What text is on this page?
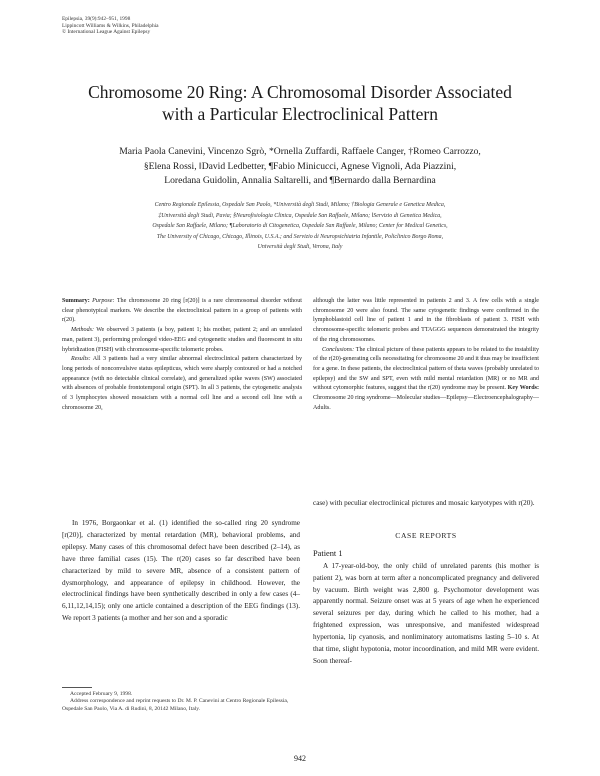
Epilepsia, 39(9):942–951, 1998
Lippincott Williams & Wilkins, Philadelphia
© International League Against Epilepsy
Chromosome 20 Ring: A Chromosomal Disorder Associated
with a Particular Electroclinical Pattern
Maria Paola Canevini, Vincenzo Sgrò, *Ornella Zuffardi, Raffaele Canger, †Romeo Carrozzo,
§Elena Rossi, ‖David Ledbetter, ¶Fabio Minicucci, Agnese Vignoli, Ada Piazzini,
Loredana Guidolin, Annalia Saltarelli, and ¶Bernardo dalla Bernardina
Centro Regionale Epilessia, Ospedale San Paolo, *Università degli Studi, Milano; †Biologia Generale e Genetica Medica,
‡Università degli Studi, Pavia; §Neurofisiologia Clinica, Ospedale San Raffaele, Milano; ‖Servizio di Genetica Medica,
Ospedale San Raffaele, Milano; ¶Laboratorio di Citogenetica, Ospedale San Raffaele, Milano; Center for Medical Genetics,
The University of Chicago, Chicago, Illinois, U.S.A.; and Servizio di Neuropsichiatria Infantile, Policlinico Borgo Roma,
Università degli Studi, Verona, Italy

Summary: Purpose: The chromosome 20 ring [r(20)] is a rare chromosomal disorder without clear phenotypical markers. We describe the electroclinical pattern in a group of patients with r(20).

Methods: We observed 3 patients (a boy, patient 1; his mother, patient 2; and an unrelated man, patient 3), performing prolonged video-EEG and cytogenetic studies and fluorescent in situ hybridization (FISH) with chromosome-specific telomeric probes.

Results: All 3 patients had a very similar abnormal electroclinical pattern characterized by long periods of nonconvulsive status epilepticus, which were sharply contoured or had a notched appearance (with no detectable clinical correlate), and generalized spike waves (SW) associated with absences of probable frontotemporal origin (SPT). In all 3 patients, the cytogenetic analysis of 3 lymphocytes showed mosaicism with a normal cell line and a second cell line with a chromosome 20,

although the latter was little represented in patients 2 and 3. A few cells with a single chromosome 20 were also found. The same cytogenetic findings were confirmed in the lymphoblastoid cell line of patient 1 and in the fibroblasts of patient 3. FISH with chromosome-specific telomeric probes and TTAGGG sequences demonstrated the integrity of the ring chromosomes.

Conclusions: The clinical picture of these patients appears to be related to the instability of the r(20)-generating cells necessitating for chromosome 20 and it thus may be insufficient for a gene. In these patients, the electroclinical pattern of theta waves (probably unrelated to epilepsy) and the SW and SPT, even with mild mental retardation (MR) or no MR and without cytomorphic features, suggest that the r(20) syndrome may be present. Key Words: Chromosome 20 ring syndrome—Molecular studies—Epilepsy—Electroencephalography—Adults.

In 1976, Borgaonkar et al. (1) identified the so-called ring 20 syndrome [r(20)], characterized by mental retardation (MR), behavioral problems, and epilepsy. Many cases of this chromosomal defect have been described (2–14), as have three familial cases (15). The r(20) cases so far described have been characterized by mild to severe MR, absence of a consistent pattern of dysmorphology, and appearance of epilepsy in childhood. However, the electroclinical findings have been synthetically described in only a few cases (4–6,11,12,14,15); only one article contained a description of the EEG findings (13). We report 3 patients (a mother and her son and a sporadic

case) with peculiar electroclinical pictures and mosaic karyotypes with r(20).

CASE REPORTS
Patient 1

A 17-year-old-boy, the only child of unrelated parents (his mother is patient 2), was born at term after a noncomplicated pregnancy and delivered by vacuum. Birth weight was 2,800 g. Psychomotor development was apparently normal. Seizure onset was at 5 years of age when he experienced several seizures per day, during which he called to his mother, had a frightened expression, was unresponsive, and manifested widespread hypertonia, lip cyanosis, and nonliminatory automatisms lasting 5–10 s. At that time, slight hypotonia, motor incoordination, and mild MR were evident. Soon thereaf-

Accepted February 9, 1998.
Address correspondence and reprint requests to Dr. M. P. Canevini at Centro Regionale Epilessia, Ospedale San Paolo, Via A. di Rudinì, 8, 20142 Milano, Italy.
942
